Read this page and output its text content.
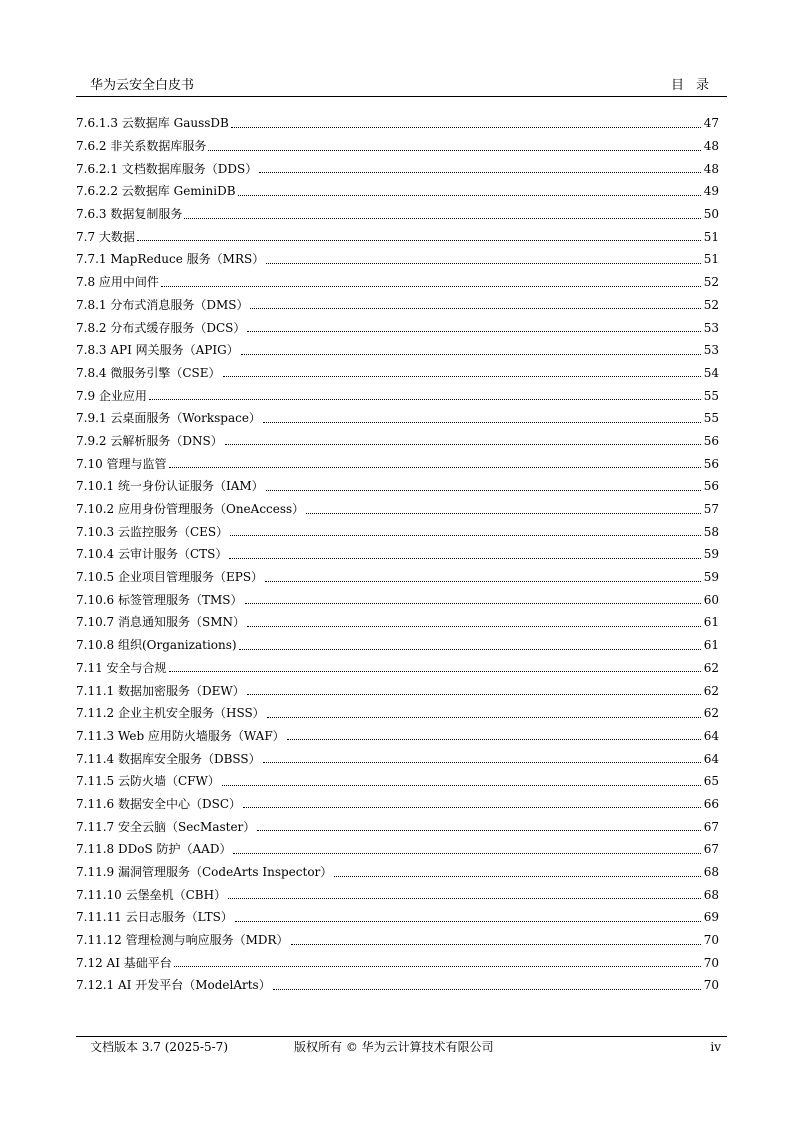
华为云安全白皮书	目录
7.6.1.3 云数据库 GaussDB	47
7.6.2 非关系数据库服务	48
7.6.2.1 文档数据库服务（DDS）	48
7.6.2.2 云数据库 GeminiDB	49
7.6.3 数据复制服务	50
7.7 大数据	51
7.7.1 MapReduce 服务（MRS）	51
7.8 应用中间件	52
7.8.1 分布式消息服务（DMS）	52
7.8.2 分布式缓存服务（DCS）	53
7.8.3 API 网关服务（APIG）	53
7.8.4 微服务引擎（CSE）	54
7.9 企业应用	55
7.9.1 云桌面服务（Workspace）	55
7.9.2 云解析服务（DNS）	56
7.10 管理与监管	56
7.10.1 统一身份认证服务（IAM）	56
7.10.2 应用身份管理服务（OneAccess）	57
7.10.3 云监控服务（CES）	58
7.10.4 云审计服务（CTS）	59
7.10.5 企业项目管理服务（EPS）	59
7.10.6 标签管理服务（TMS）	60
7.10.7 消息通知服务（SMN）	61
7.10.8 组织(Organizations)	61
7.11 安全与合规	62
7.11.1 数据加密服务（DEW）	62
7.11.2 企业主机安全服务（HSS）	62
7.11.3 Web 应用防火墙服务（WAF）	64
7.11.4 数据库安全服务（DBSS）	64
7.11.5 云防火墙（CFW）	65
7.11.6 数据安全中心（DSC）	66
7.11.7 安全云脑（SecMaster）	67
7.11.8 DDoS 防护（AAD）	67
7.11.9 漏洞管理服务（CodeArts Inspector）	68
7.11.10 云堡垒机（CBH）	68
7.11.11 云日志服务（LTS）	69
7.11.12 管理检测与响应服务（MDR）	70
7.12 AI 基础平台	70
7.12.1 AI 开发平台（ModelArts）	70
文档版本 3.7 (2025-5-7)	版权所有 © 华为云计算技术有限公司	iv
